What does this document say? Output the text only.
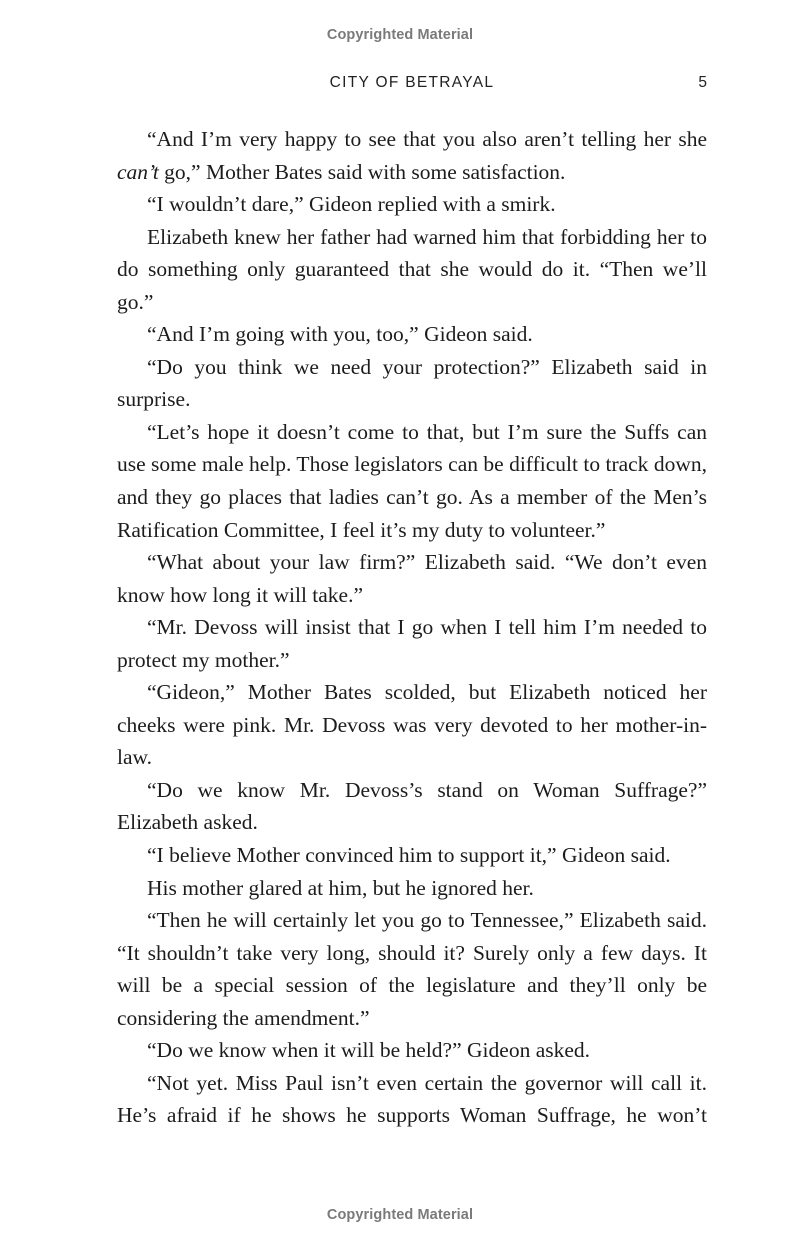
Copyrighted Material
CITY OF BETRAYAL	5

“And I’m very happy to see that you also aren’t telling her she can’t go,” Mother Bates said with some satisfaction.

“I wouldn’t dare,” Gideon replied with a smirk.

Elizabeth knew her father had warned him that forbidding her to do something only guaranteed that she would do it. “Then we’ll go.”

“And I’m going with you, too,” Gideon said.

“Do you think we need your protection?” Elizabeth said in surprise.

“Let’s hope it doesn’t come to that, but I’m sure the Suffs can use some male help. Those legislators can be difficult to track down, and they go places that ladies can’t go. As a member of the Men’s Ratification Committee, I feel it’s my duty to volunteer.”

“What about your law firm?” Elizabeth said. “We don’t even know how long it will take.”

“Mr. Devoss will insist that I go when I tell him I’m needed to protect my mother.”

“Gideon,” Mother Bates scolded, but Elizabeth noticed her cheeks were pink. Mr. Devoss was very devoted to her mother-in-law.

“Do we know Mr. Devoss’s stand on Woman Suffrage?” Elizabeth asked.

“I believe Mother convinced him to support it,” Gideon said.

His mother glared at him, but he ignored her.

“Then he will certainly let you go to Tennessee,” Elizabeth said. “It shouldn’t take very long, should it? Surely only a few days. It will be a special session of the legislature and they’ll only be considering the amendment.”

“Do we know when it will be held?” Gideon asked.

“Not yet. Miss Paul isn’t even certain the governor will call it. He’s afraid if he shows he supports Woman Suffrage, he won’t

Copyrighted Material
